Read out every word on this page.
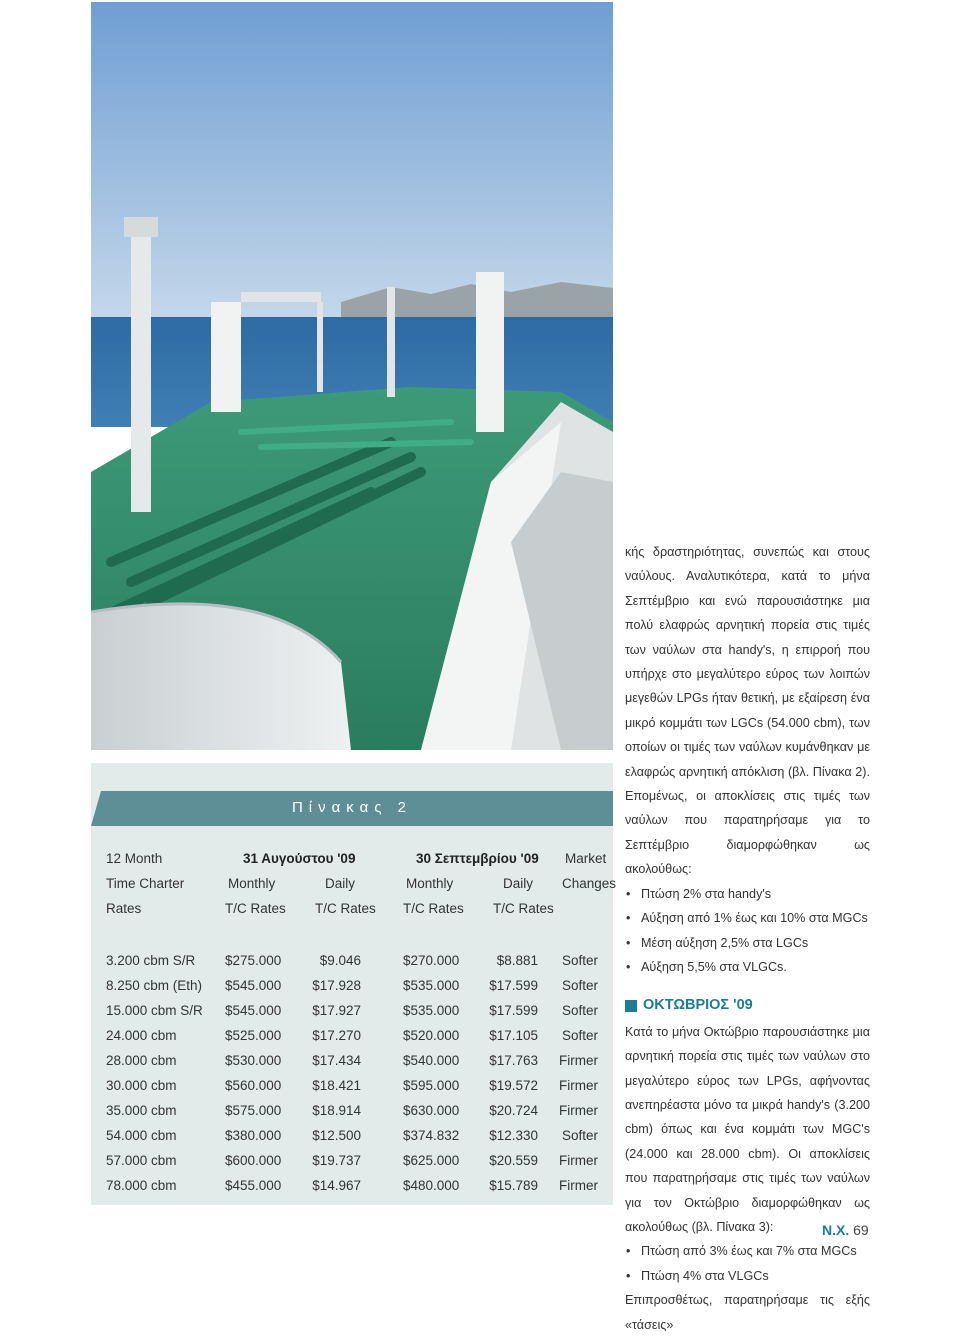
Πίνακας 2
12 Month	31 Αυγούστου '09	30 Σεπτεμβρίου '09 Market
Time Charter	Monthly	Daily	Monthly	Daily Changes
Rates	T/C Rates T/C Rates T/C Rates T/C Rates
3.200 cbm S/R $275.000	$9.046	$270.000	$8.881 Softer
8.250 cbm (Eth) $545.000 $17.928	$535.000 $17.599 Softer
15.000 cbm S/R $545.000 $17.927	$535.000 $17.599 Softer
24.000 cbm	$525.000 $17.270	$520.000 $17.105 Softer
28.000 cbm	$530.000 $17.434	$540.000 $17.763 Firmer
30.000 cbm	$560.000 $18.421	$595.000 $19.572 Firmer
35.000 cbm	$575.000 $18.914	$630.000 $20.724 Firmer
54.000 cbm	$380.000 $12.500	$374.832 $12.330 Softer
57.000 cbm	$600.000 $19.737	$625.000 $20.559 Firmer
78.000 cbm	$455.000 $14.967	$480.000 $15.789 Firmer

κής δραστηριότητας, συνεπώς και στους ναύλους. Αναλυτικότερα, κατά το μήνα Σεπτέμβριο και ενώ παρουσιάστηκε μια πολύ ελαφρώς αρνητική πορεία στις τιμές των ναύλων στα handy's, η επιρροή που υπήρχε στο μεγαλύτερο εύρος των λοιπών μεγεθών LPGs ήταν θετική, με εξαίρεση ένα μικρό κομμάτι των LGCs (54.000 cbm), των οποίων οι τιμές των ναύλων κυμάνθηκαν με ελαφρώς αρνητική απόκλιση (βλ. Πίνακα 2). Επομένως, οι αποκλίσεις στις τιμές των ναύλων που παρατηρήσαμε για το Σεπτέμβριο διαμορφώθηκαν ως ακολούθως:

• Πτώση 2% στα handy's
• Αύξηση από 1% έως και 10% στα MGCs
• Μέση αύξηση 2,5% στα LGCs
• Αύξηση 5,5% στα VLGCs.
ΟΚΤΩΒΡΙΟΣ '09

Κατά το μήνα Οκτώβριο παρουσιάστηκε μια αρνητική πορεία στις τιμές των ναύλων στο μεγαλύτερο εύρος των LPGs, αφήνοντας ανεπηρέαστα μόνο τα μικρά handy's (3.200 cbm) όπως και ένα κομμάτι των MGC's (24.000 και 28.000 cbm). Οι αποκλίσεις που παρατηρήσαμε στις τιμές των ναύλων για τον Οκτώβριο διαμορφώθηκαν ως ακολούθως (βλ. Πίνακα 3):

• Πτώση από 3% έως και 7% στα MGCs
• Πτώση 4% στα VLGCs

Επιπροσθέτως, παρατηρήσαμε τις εξής «τάσεις»

Ν.Χ. 69
